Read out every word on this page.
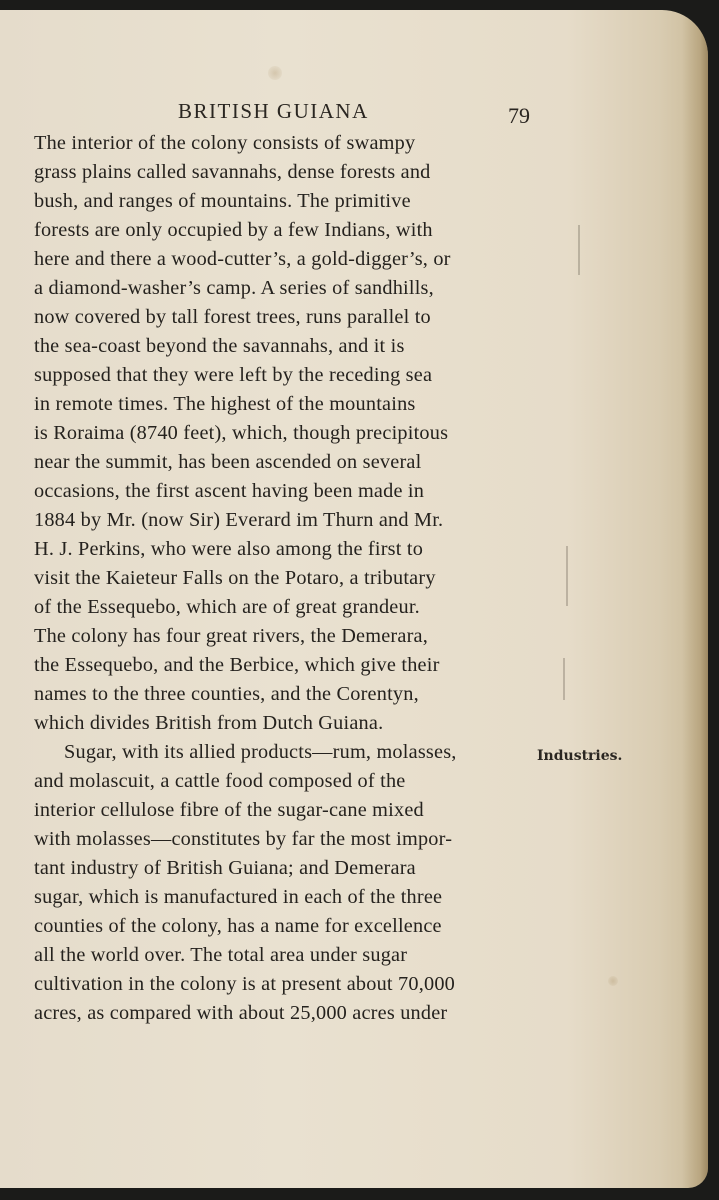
BRITISH GUIANA	79
The interior of the colony consists of swampy
grass plains called savannahs, dense forests and
bush, and ranges of mountains. The primitive
forests are only occupied by a few Indians, with
here and there a wood-cutter’s, a gold-digger’s, or
a diamond-washer’s camp. A series of sandhills,
now covered by tall forest trees, runs parallel to
the sea-coast beyond the savannahs, and it is
supposed that they were left by the receding sea
in remote times. The highest of the mountains
is Roraima (8740 feet), which, though precipitous
near the summit, has been ascended on several
occasions, the first ascent having been made in
1884 by Mr. (now Sir) Everard im Thurn and Mr.
H. J. Perkins, who were also among the first to
visit the Kaieteur Falls on the Potaro, a tributary
of the Essequebo, which are of great grandeur.
The colony has four great rivers, the Demerara,
the Essequebo, and the Berbice, which give their
names to the three counties, and the Corentyn,
which divides British from Dutch Guiana.
Sugar, with its allied products—rum, molasses,
and molascuit, a cattle food composed of the
interior cellulose fibre of the sugar-cane mixed
with molasses—constitutes by far the most impor-
tant industry of British Guiana; and Demerara
sugar, which is manufactured in each of the three
counties of the colony, has a name for excellence
all the world over. The total area under sugar
cultivation in the colony is at present about 70,000
acres, as compared with about 25,000 acres under
Industries.
